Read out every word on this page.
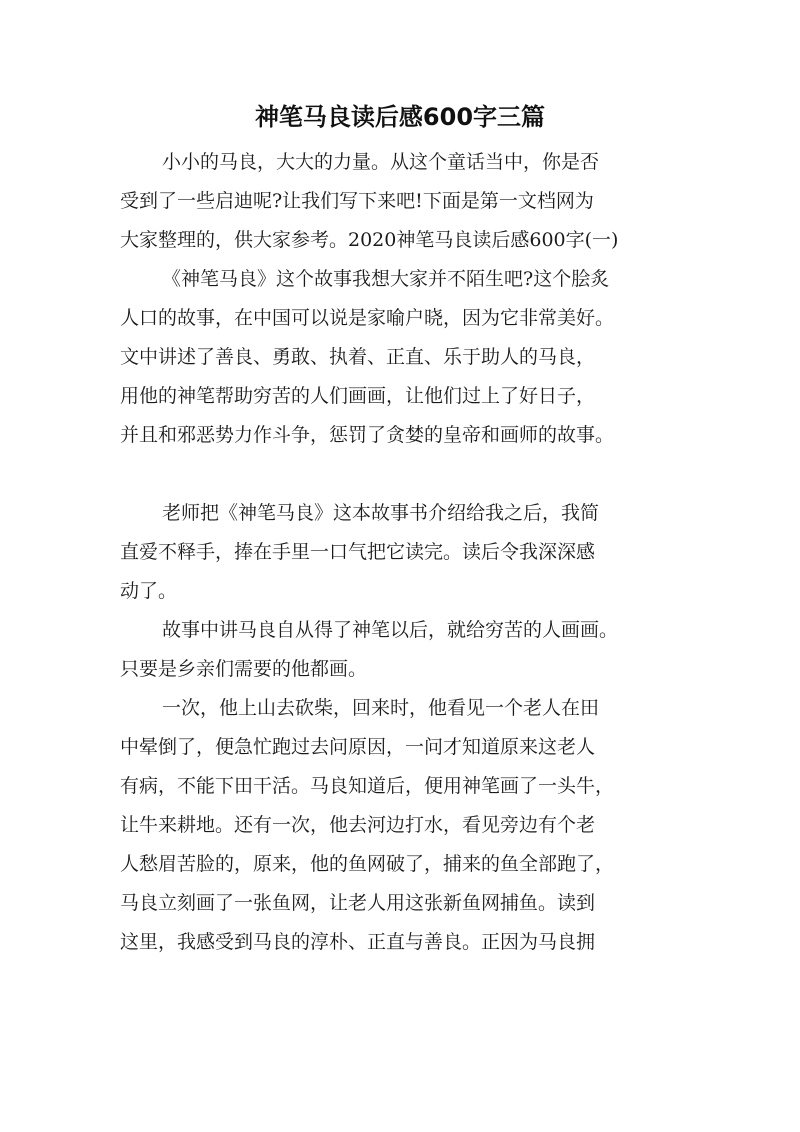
神笔马良读后感600字三篇
小小的马良，大大的力量。从这个童话当中，你是否
受到了一些启迪呢?让我们写下来吧!下面是第一文档网为
大家整理的，供大家参考。2020神笔马良读后感600字(一)
《神笔马良》这个故事我想大家并不陌生吧?这个脍炙
人口的故事，在中国可以说是家喻户晓，因为它非常美好。
文中讲述了善良、勇敢、执着、正直、乐于助人的马良，
用他的神笔帮助穷苦的人们画画，让他们过上了好日子，
并且和邪恶势力作斗争，惩罚了贪婪的皇帝和画师的故事。
老师把《神笔马良》这本故事书介绍给我之后，我简
直爱不释手，捧在手里一口气把它读完。读后令我深深感
动了。
故事中讲马良自从得了神笔以后，就给穷苦的人画画。
只要是乡亲们需要的他都画。
一次，他上山去砍柴，回来时，他看见一个老人在田
中晕倒了，便急忙跑过去问原因，一问才知道原来这老人
有病，不能下田干活。马良知道后，便用神笔画了一头牛，
让牛来耕地。还有一次，他去河边打水，看见旁边有个老
人愁眉苦脸的，原来，他的鱼网破了，捕来的鱼全部跑了，
马良立刻画了一张鱼网，让老人用这张新鱼网捕鱼。读到
这里，我感受到马良的淳朴、正直与善良。正因为马良拥
